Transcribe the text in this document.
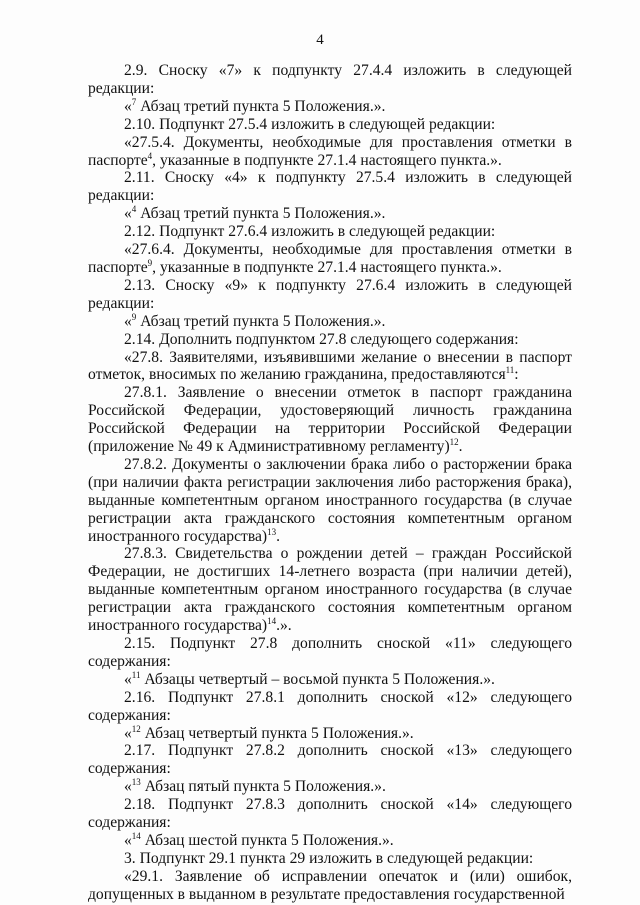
4

2.9. Сноску «7» к подпункту 27.4.4 изложить в следующей редакции:

«$^7$ Абзац третий пункта 5 Положения.».

2.10. Подпункт 27.5.4 изложить в следующей редакции:

«27.5.4. Документы, необходимые для проставления отметки в паспорте$^4$, указанные в подпункте 27.1.4 настоящего пункта.».

2.11. Сноску «4» к подпункту 27.5.4 изложить в следующей редакции:

«$^4$ Абзац третий пункта 5 Положения.».

2.12. Подпункт 27.6.4 изложить в следующей редакции:

«27.6.4. Документы, необходимые для проставления отметки в паспорте$^9$, указанные в подпункте 27.1.4 настоящего пункта.».

2.13. Сноску «9» к подпункту 27.6.4 изложить в следующей редакции:

«$^9$ Абзац третий пункта 5 Положения.».

2.14. Дополнить подпунктом 27.8 следующего содержания:

«27.8. Заявителями, изъявившими желание о внесении в паспорт отметок, вносимых по желанию гражданина, предоставляются$^{11}$:

27.8.1. Заявление о внесении отметок в паспорт гражданина Российской Федерации, удостоверяющий личность гражданина Российской Федерации на территории Российской Федерации (приложение № 49 к Административному регламенту)$^{12}$.

27.8.2. Документы о заключении брака либо о расторжении брака (при наличии факта регистрации заключения либо расторжения брака), выданные компетентным органом иностранного государства (в случае регистрации акта гражданского состояния компетентным органом иностранного государства)$^{13}$.

27.8.3. Свидетельства о рождении детей – граждан Российской Федерации, не достигших 14-летнего возраста (при наличии детей), выданные компетентным органом иностранного государства (в случае регистрации акта гражданского состояния компетентным органом иностранного государства)$^{14}$.».

2.15. Подпункт 27.8 дополнить сноской «11» следующего содержания:

«$^{11}$ Абзацы четвертый – восьмой пункта 5 Положения.».

2.16. Подпункт 27.8.1 дополнить сноской «12» следующего содержания:

«$^{12}$ Абзац четвертый пункта 5 Положения.».

2.17. Подпункт 27.8.2 дополнить сноской «13» следующего содержания:

«$^{13}$ Абзац пятый пункта 5 Положения.».

2.18. Подпункт 27.8.3 дополнить сноской «14» следующего содержания:

«$^{14}$ Абзац шестой пункта 5 Положения.».

3. Подпункт 29.1 пункта 29 изложить в следующей редакции:

«29.1. Заявление об исправлении опечаток и (или) ошибок, допущенных в выданном в результате предоставления государственной
